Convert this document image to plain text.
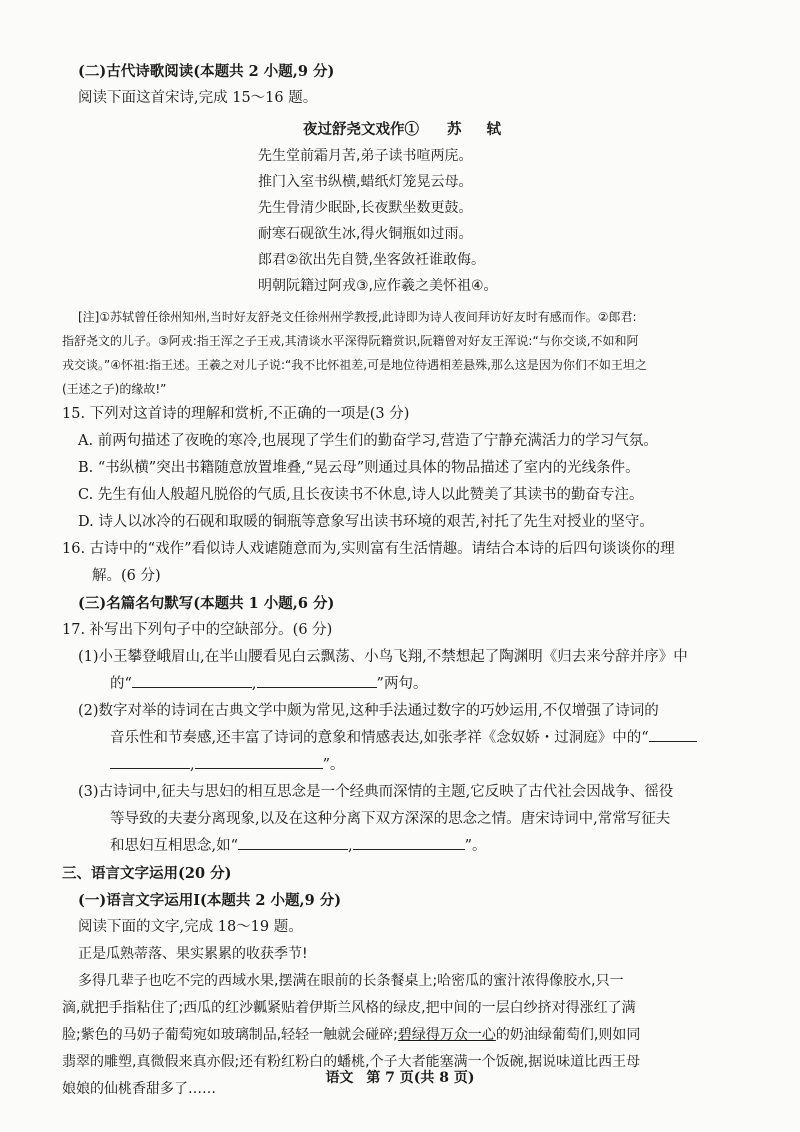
(二)古代诗歌阅读(本题共 2 小题,9 分)
阅读下面这首宋诗,完成 15～16 题。
夜过舒尧文戏作① 苏 轼
先生堂前霜月苦,弟子读书喧两庑。
推门入室书纵横,蜡纸灯笼晃云母。
先生骨清少眠卧,长夜默坐数更鼓。
耐寒石砚欲生冰,得火铜瓶如过雨。
郎君②欲出先自赞,坐客敛衽谁敢侮。
明朝阮籍过阿戎③,应作羲之美怀祖④。
[注]①苏轼曾任徐州知州,当时好友舒尧文任徐州州学教授,此诗即为诗人夜间拜访好友时有感而作。②郎君:
指舒尧文的儿子。③阿戎:指王浑之子王戎,其清谈水平深得阮籍赏识,阮籍曾对好友王浑说:“与你交谈,不如和阿
戎交谈。”④怀祖:指王述。王羲之对儿子说:“我不比怀祖差,可是地位待遇相差悬殊,那么这是因为你们不如王坦之
(王述之子)的缘故!”
15. 下列对这首诗的理解和赏析,不正确的一项是(3 分)
A. 前两句描述了夜晚的寒冷,也展现了学生们的勤奋学习,营造了宁静充满活力的学习气氛。
B. “书纵横”突出书籍随意放置堆叠,“晃云母”则通过具体的物品描述了室内的光线条件。
C. 先生有仙人般超凡脱俗的气质,且长夜读书不休息,诗人以此赞美了其读书的勤奋专注。
D. 诗人以冰冷的石砚和取暖的铜瓶等意象写出读书环境的艰苦,衬托了先生对授业的坚守。
16. 古诗中的“戏作”看似诗人戏谑随意而为,实则富有生活情趣。请结合本诗的后四句谈谈你的理
解。(6 分)
(三)名篇名句默写(本题共 1 小题,6 分)
17. 补写出下列句子中的空缺部分。(6 分)
(1)小王攀登峨眉山,在半山腰看见白云飘荡、小鸟飞翔,不禁想起了陶渊明《归去来兮辞并序》中
的“	,	”两句。
(2)数字对举的诗词在古典文学中颇为常见,这种手法通过数字的巧妙运用,不仅增强了诗词的
音乐性和节奏感,还丰富了诗词的意象和情感表达,如张孝祥《念奴娇・过洞庭》中的“
,	”。
(3)古诗词中,征夫与思妇的相互思念是一个经典而深情的主题,它反映了古代社会因战争、徭役
等导致的夫妻分离现象,以及在这种分离下双方深深的思念之情。唐宋诗词中,常常写征夫
和思妇互相思念,如“	,	”。
三、语言文字运用(20 分)
(一)语言文字运用Ⅰ(本题共 2 小题,9 分)
阅读下面的文字,完成 18～19 题。
正是瓜熟蒂落、果实累累的收获季节!
多得几辈子也吃不完的西域水果,摆满在眼前的长条餐桌上;哈密瓜的蜜汁浓得像胶水,只一
滴,就把手指粘住了;西瓜的红沙瓤紧贴着伊斯兰风格的绿皮,把中间的一层白纱挤对得涨红了满
脸;紫色的马奶子葡萄宛如玻璃制品,轻轻一触就会碰碎;碧绿得万众一心的奶油绿葡萄们,则如同
翡翠的雕塑,真微假来真亦假;还有粉红粉白的蟠桃,个子大者能塞满一个饭碗,据说味道比西王母
娘娘的仙桃香甜多了……
语文 第 7 页(共 8 页)
